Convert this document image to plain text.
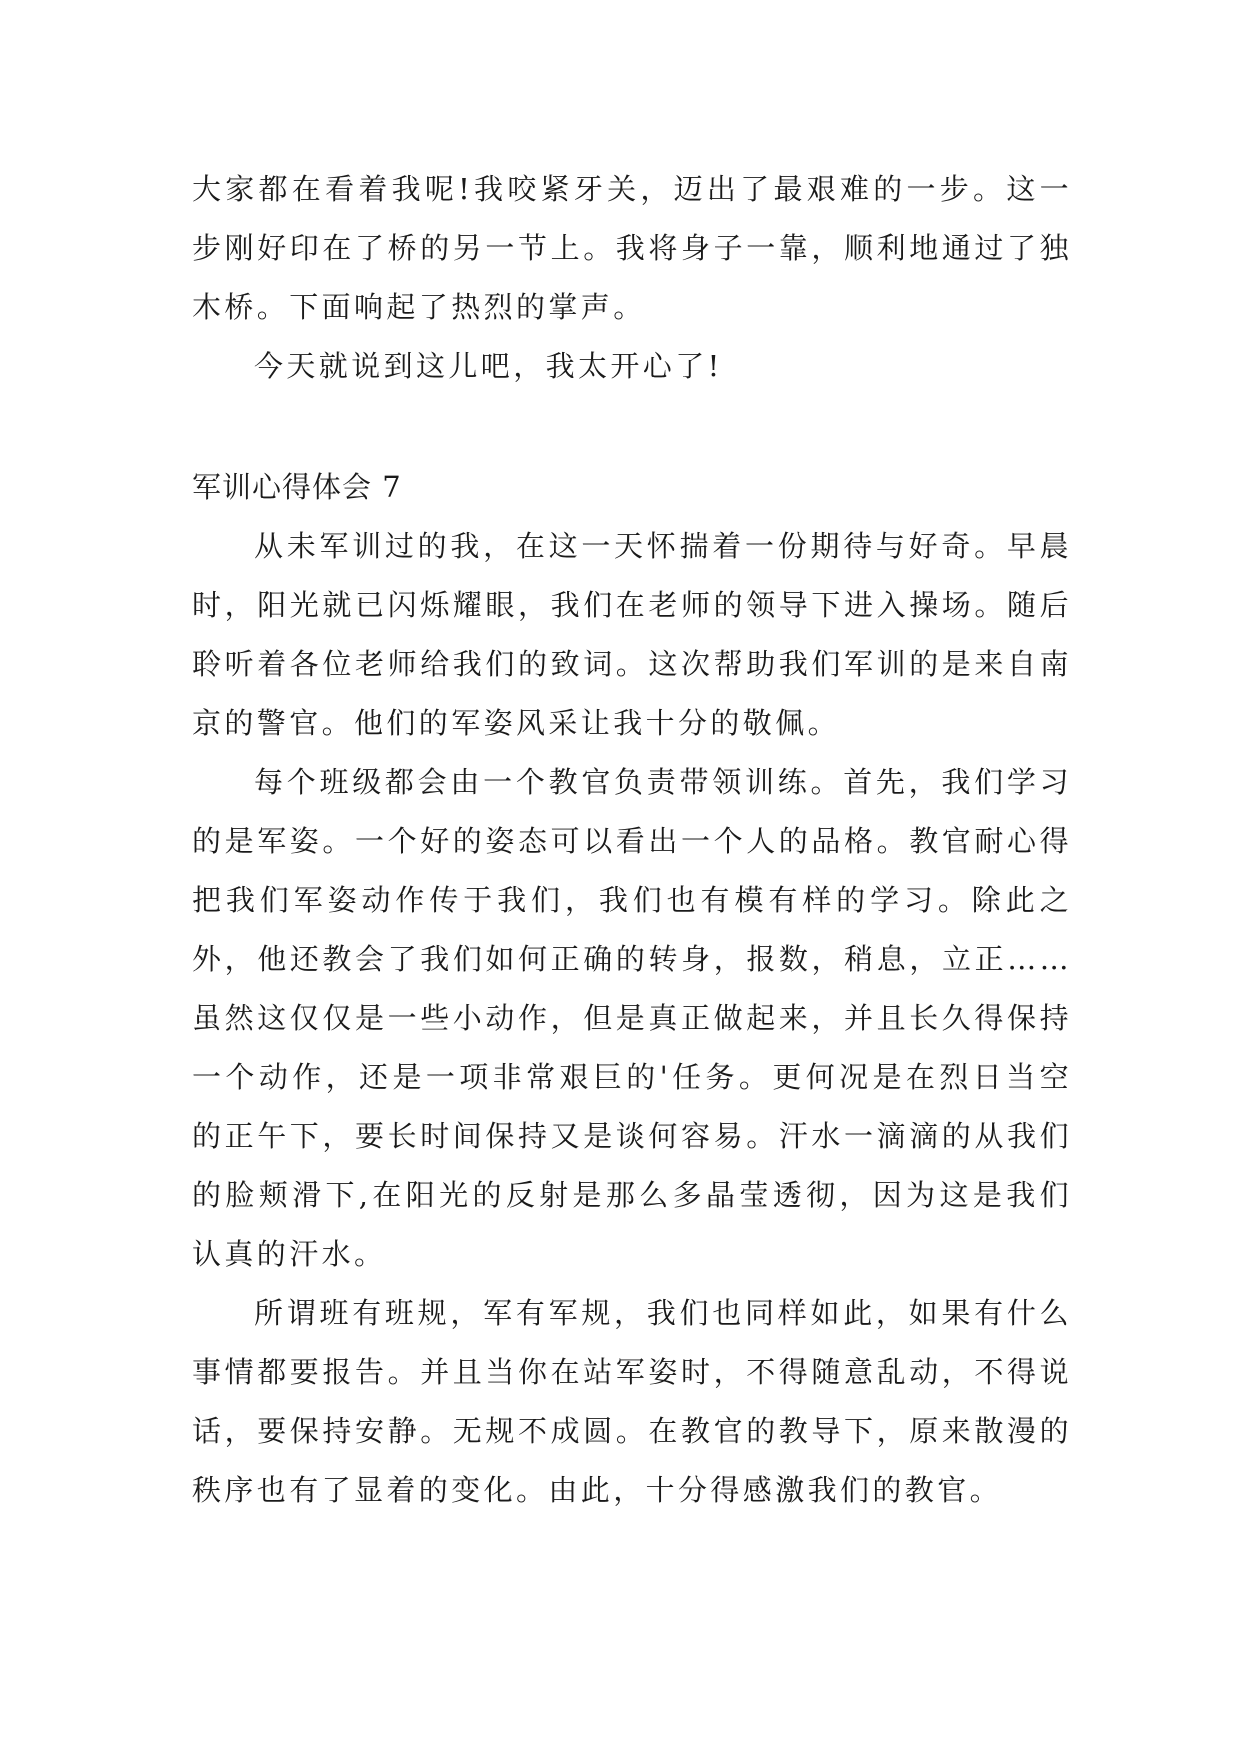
大家都在看着我呢!我咬紧牙关，迈出了最艰难的一步。这一步刚好印在了桥的另一节上。我将身子一靠，顺利地通过了独木桥。下面响起了热烈的掌声。

今天就说到这儿吧，我太开心了!

军训心得体会 7

从未军训过的我，在这一天怀揣着一份期待与好奇。早晨时，阳光就已闪烁耀眼，我们在老师的领导下进入操场。随后聆听着各位老师给我们的致词。这次帮助我们军训的是来自南京的警官。他们的军姿风采让我十分的敬佩。

每个班级都会由一个教官负责带领训练。首先，我们学习的是军姿。一个好的姿态可以看出一个人的品格。教官耐心得把我们军姿动作传于我们，我们也有模有样的学习。除此之外，他还教会了我们如何正确的转身，报数，稍息，立正……虽然这仅仅是一些小动作，但是真正做起来，并且长久得保持一个动作，还是一项非常艰巨的'任务。更何况是在烈日当空的正午下，要长时间保持又是谈何容易。汗水一滴滴的从我们的脸颊滑下,在阳光的反射是那么多晶莹透彻，因为这是我们认真的汗水。

所谓班有班规，军有军规，我们也同样如此，如果有什么事情都要报告。并且当你在站军姿时，不得随意乱动，不得说话，要保持安静。无规不成圆。在教官的教导下，原来散漫的秩序也有了显着的变化。由此，十分得感激我们的教官。
